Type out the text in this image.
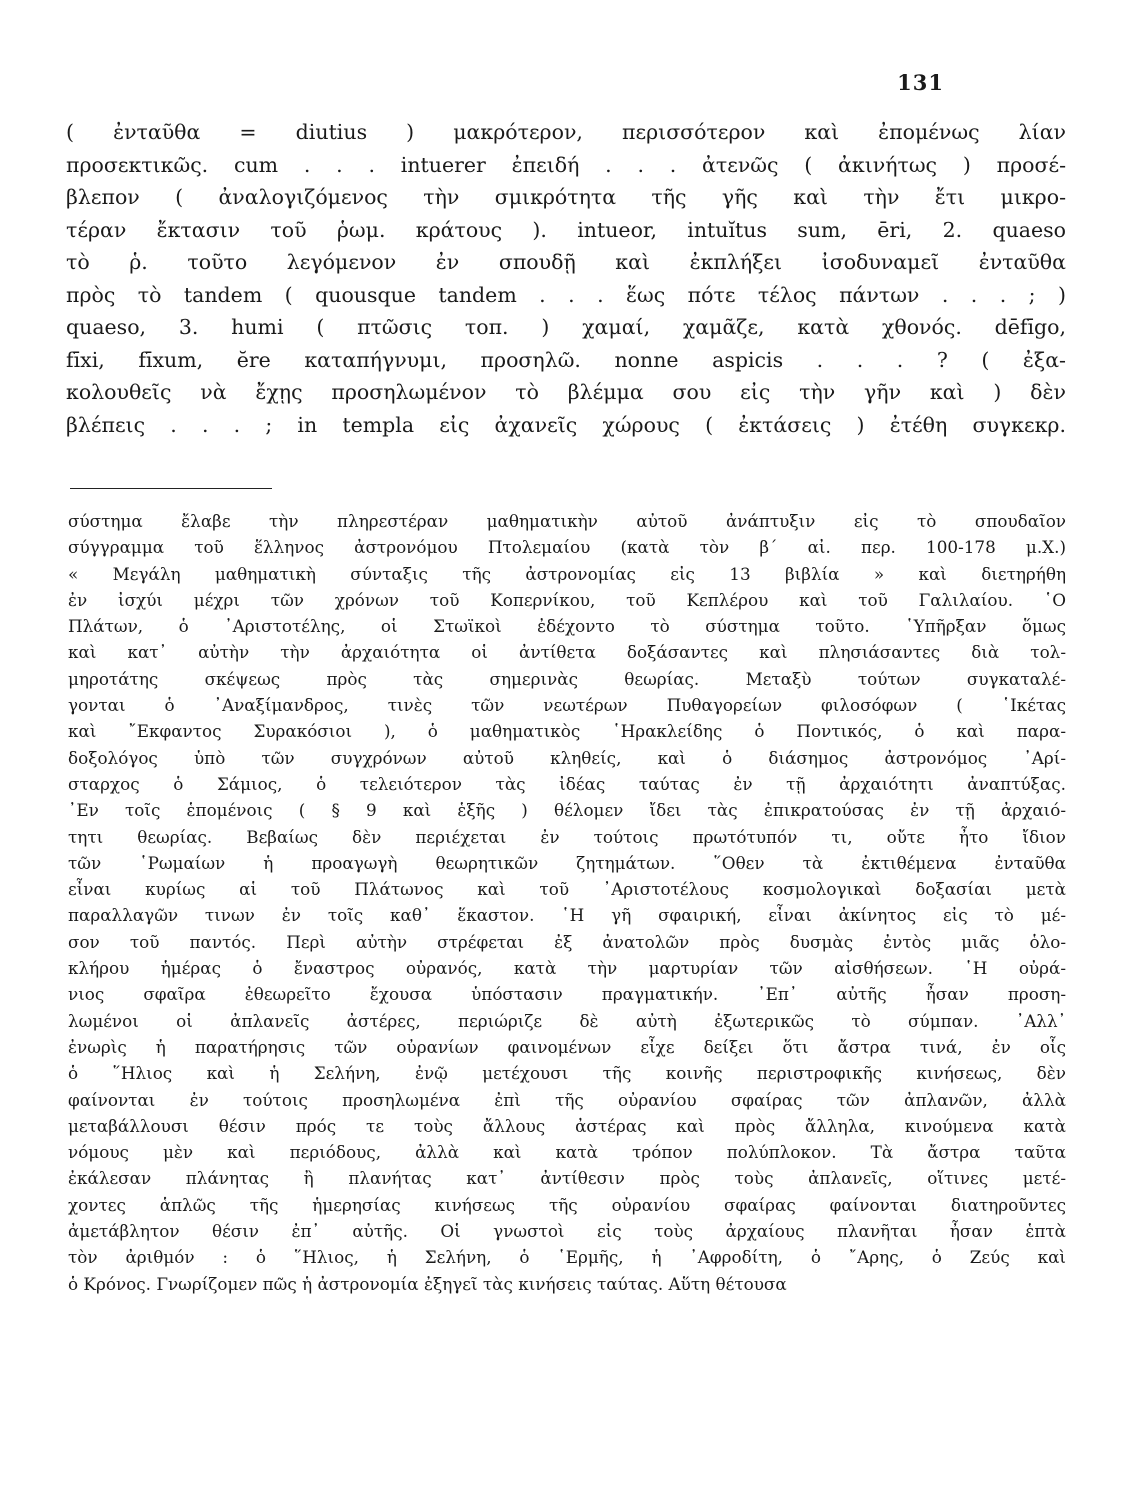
131
( ἐνταῦθα = diutius ) μακρότερον, περισσότερον καὶ ἐπομένως λίαν
προσεκτικῶς. cum . . . intuerer ἐπειδή . . . ἀτενῶς ( ἀκινήτως ) προσέ-
βλεπον ( ἀναλογιζόμενος τὴν σμικρότητα τῆς γῆς καὶ τὴν ἔτι μικρο-
τέραν ἔκτασιν τοῦ ῥωμ. κράτους ). intueor, intuĭtus sum, ēri, 2. quaeso
τὸ ῥ. τοῦτο λεγόμενον ἐν σπουδῇ καὶ ἐκπλήξει ἰσοδυναμεῖ ἐνταῦθα
πρὸς τὸ tandem ( quousque tandem . . . ἕως πότε τέλος πάντων . . . ; )
quaeso, 3. humi ( πτῶσις τοπ. ) χαμαί, χαμᾶζε, κατὰ χθονός. dēfīgo,
fīxi, fīxum, ĕre καταπήγνυμι, προσηλῶ. nonne aspicis . . . ? ( ἐξα-
κολουθεῖς νὰ ἔχῃς προσηλωμένον τὸ βλέμμα σου εἰς τὴν γῆν καὶ ) δὲν
βλέπεις . . . ; in templa εἰς ἀχανεῖς χώρους ( ἐκτάσεις ) ἐτέθη συγκεκρ.
σύστημα ἔλαβε τὴν πληρεστέραν μαθηματικὴν αὐτοῦ ἀνάπτυξιν εἰς τὸ σπουδαῖον
σύγγραμμα τοῦ ἕλληνος ἀστρονόμου Πτολεμαίου (κατὰ τὸν β΄ αἰ. περ. 100-178 μ.Χ.)
« Μεγάλη μαθηματικὴ σύνταξις τῆς ἀστρονομίας εἰς 13 βιβλία » καὶ διετηρήθη
ἐν ἰσχύι μέχρι τῶν χρόνων τοῦ Κοπερνίκου, τοῦ Κεπλέρου καὶ τοῦ Γαλιλαίου. ῾Ο
Πλάτων, ὁ ᾿Αριστοτέλης, οἱ Στωϊκοὶ ἐδέχοντο τὸ σύστημα τοῦτο. ῾Υπῆρξαν ὅμως
καὶ κατ᾿ αὐτὴν τὴν ἀρχαιότητα οἱ ἀντίθετα δοξάσαντες καὶ πλησιάσαντες διὰ τολ-
μηροτάτης σκέψεως πρὸς τὰς σημερινὰς θεωρίας. Μεταξὺ τούτων συγκαταλέ-
γονται ὁ ᾿Αναξίμανδρος, τινὲς τῶν νεωτέρων Πυθαγορείων φιλοσόφων ( ῾Ικέτας
καὶ ῎Εκφαντος Συρακόσιοι ), ὁ μαθηματικὸς ῾Ηρακλείδης ὁ Ποντικός, ὁ καὶ παρα-
δοξολόγος ὑπὸ τῶν συγχρόνων αὐτοῦ κληθείς, καὶ ὁ διάσημος ἀστρονόμος ᾿Αρί-
σταρχος ὁ Σάμιος, ὁ τελειότερον τὰς ἰδέας ταύτας ἐν τῇ ἀρχαιότητι ἀναπτύξας.
᾿Εν τοῖς ἑπομένοις ( § 9 καὶ ἑξῆς ) θέλομεν ἴδει τὰς ἐπικρατούσας ἐν τῇ ἀρχαιό-
τητι θεωρίας. Βεβαίως δὲν περιέχεται ἐν τούτοις πρωτότυπόν τι, οὔτε ἦτο ἴδιον
τῶν ῾Ρωμαίων ἡ προαγωγὴ θεωρητικῶν ζητημάτων. ῞Οθεν τὰ ἐκτιθέμενα ἐνταῦθα
εἶναι κυρίως αἱ τοῦ Πλάτωνος καὶ τοῦ ᾿Αριστοτέλους κοσμολογικαὶ δοξασίαι μετὰ
παραλλαγῶν τινων ἐν τοῖς καθ᾿ ἕκαστον. ῾Η γῆ σφαιρική, εἶναι ἀκίνητος εἰς τὸ μέ-
σον τοῦ παντός. Περὶ αὐτὴν στρέφεται ἐξ ἀνατολῶν πρὸς δυσμὰς ἐντὸς μιᾶς ὁλο-
κλήρου ἡμέρας ὁ ἔναστρος οὐρανός, κατὰ τὴν μαρτυρίαν τῶν αἰσθήσεων. ῾Η οὐρά-
νιος σφαῖρα ἐθεωρεῖτο ἔχουσα ὑπόστασιν πραγματικήν. ᾿Επ᾿ αὐτῆς ἦσαν προση-
λωμένοι οἱ ἀπλανεῖς ἀστέρες, περιώριζε δὲ αὐτὴ ἐξωτερικῶς τὸ σύμπαν. ᾿Αλλ᾿
ἐνωρὶς ἡ παρατήρησις τῶν οὐρανίων φαινομένων εἶχε δείξει ὅτι ἄστρα τινά, ἐν οἷς
ὁ ῞Ηλιος καὶ ἡ Σελήνη, ἐνῷ μετέχουσι τῆς κοινῆς περιστροφικῆς κινήσεως, δὲν
φαίνονται ἐν τούτοις προσηλωμένα ἐπὶ τῆς οὐρανίου σφαίρας τῶν ἀπλανῶν, ἀλλὰ
μεταβάλλουσι θέσιν πρός τε τοὺς ἄλλους ἀστέρας καὶ πρὸς ἄλληλα, κινούμενα κατὰ
νόμους μὲν καὶ περιόδους, ἀλλὰ καὶ κατὰ τρόπον πολύπλοκον. Τὰ ἄστρα ταῦτα
ἐκάλεσαν πλάνητας ἢ πλανήτας κατ᾿ ἀντίθεσιν πρὸς τοὺς ἀπλανεῖς, οἵτινες μετέ-
χοντες ἁπλῶς τῆς ἡμερησίας κινήσεως τῆς οὐρανίου σφαίρας φαίνονται διατηροῦντες
ἀμετάβλητον θέσιν ἐπ᾿ αὐτῆς. Οἱ γνωστοὶ εἰς τοὺς ἀρχαίους πλανῆται ἦσαν ἑπτὰ
τὸν ἀριθμόν : ὁ ῞Ηλιος, ἡ Σελήνη, ὁ ῾Ερμῆς, ἡ ᾿Αφροδίτη, ὁ ῎Αρης, ὁ Ζεύς καὶ
ὁ Κρόνος. Γνωρίζομεν πῶς ἡ ἀστρονομία ἐξηγεῖ τὰς κινήσεις ταύτας. Αὕτη θέτουσα
